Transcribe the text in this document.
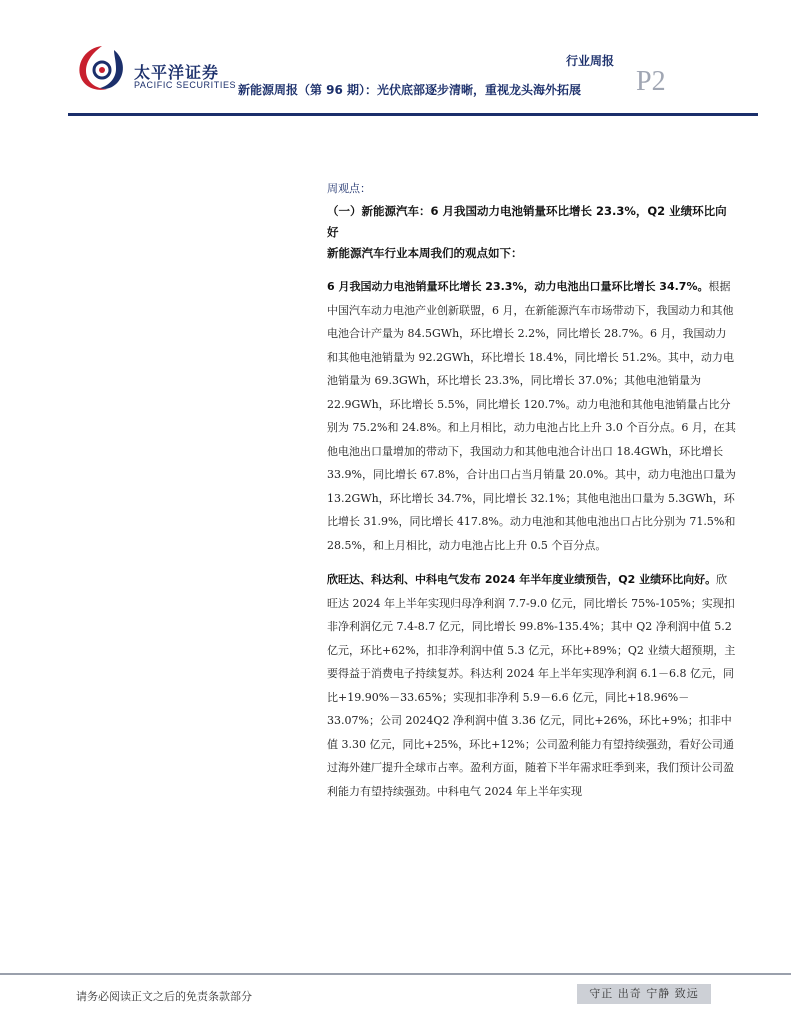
太平洋证券
PACIFIC SECURITIES
行业周报
新能源周报（第 96 期）：光伏底部逐步清晰，重视龙头海外拓展 P2
周观点：
（一）新能源汽车：6 月我国动力电池销量环比增长 23.3%，Q2 业绩环比向好
新能源汽车行业本周我们的观点如下：

6 月我国动力电池销量环比增长 23.3%，动力电池出口量环比增长 34.7%。根据中国汽车动力电池产业创新联盟，6 月，在新能源汽车市场带动下，我国动力和其他电池合计产量为 84.5GWh，环比增长 2.2%，同比增长 28.7%。6 月，我国动力和其他电池销量为 92.2GWh，环比增长 18.4%，同比增长 51.2%。其中，动力电池销量为 69.3GWh，环比增长 23.3%，同比增长 37.0%；其他电池销量为 22.9GWh，环比增长 5.5%，同比增长 120.7%。动力电池和其他电池销量占比分别为 75.2%和 24.8%。和上月相比，动力电池占比上升 3.0 个百分点。6 月，在其他电池出口量增加的带动下，我国动力和其他电池合计出口 18.4GWh，环比增长 33.9%，同比增长 67.8%，合计出口占当月销量 20.0%。其中，动力电池出口量为 13.2GWh，环比增长 34.7%，同比增长 32.1%；其他电池出口量为 5.3GWh，环比增长 31.9%，同比增长 417.8%。动力电池和其他电池出口占比分别为 71.5%和 28.5%，和上月相比，动力电池占比上升 0.5 个百分点。

欣旺达、科达利、中科电气发布 2024 年半年度业绩预告，Q2 业绩环比向好。欣旺达 2024 年上半年实现归母净利润 7.7-9.0 亿元，同比增长 75%-105%；实现扣非净利润亿元 7.4-8.7 亿元，同比增长 99.8%-135.4%；其中 Q2 净利润中值 5.2 亿元，环比+62%，扣非净利润中值 5.3 亿元，环比+89%；Q2 业绩大超预期，主要得益于消费电子持续复苏。科达利 2024 年上半年实现净利润 6.1－6.8 亿元，同比+19.90%－33.65%；实现扣非净利 5.9－6.6 亿元，同比+18.96%－33.07%；公司 2024Q2 净利润中值 3.36 亿元，同比+26%，环比+9%；扣非中值 3.30 亿元，同比+25%，环比+12%；公司盈利能力有望持续强劲，看好公司通过海外建厂提升全球市占率。盈利方面，随着下半年需求旺季到来，我们预计公司盈利能力有望持续强劲。中科电气 2024 年上半年实现

请务必阅读正文之后的免责条款部分	守正 出奇 宁静 致远
